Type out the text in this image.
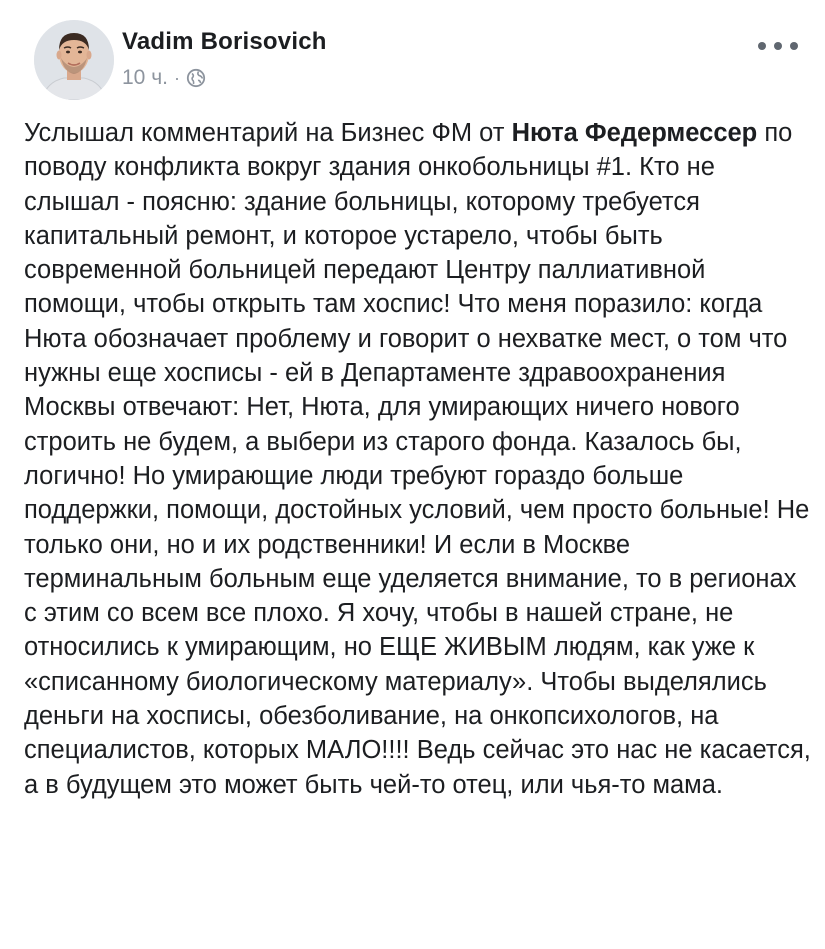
Vadim Borisovich
10 ч. ·

Услышал комментарий на Бизнес ФМ от Нюта Федермессер по поводу конфликта вокруг здания онкобольницы #1. Кто не слышал - поясню: здание больницы, которому требуется капитальный ремонт, и которое устарело, чтобы быть современной больницей передают Центру паллиативной помощи, чтобы открыть там хоспис! Что меня поразило: когда Нюта обозначает проблему и говорит о нехватке мест, о том что нужны еще хосписы - ей в Департаменте здравоохранения Москвы отвечают: Нет, Нюта, для умирающих ничего нового строить не будем, а выбери из старого фонда. Казалось бы, логично! Но умирающие люди требуют гораздо больше поддержки, помощи, достойных условий, чем просто больные! Не только они, но и их родственники! И если в Москве терминальным больным еще уделяется внимание, то в регионах с этим со всем все плохо. Я хочу, чтобы в нашей стране, не относились к умирающим, но ЕЩЕ ЖИВЫМ людям, как уже к «списанному биологическому материалу». Чтобы выделялись деньги на хосписы, обезболивание, на онкопсихологов, на специалистов, которых МАЛО!!!! Ведь сейчас это нас не касается, а в будущем это может быть чей-то отец, или чья-то мама.
